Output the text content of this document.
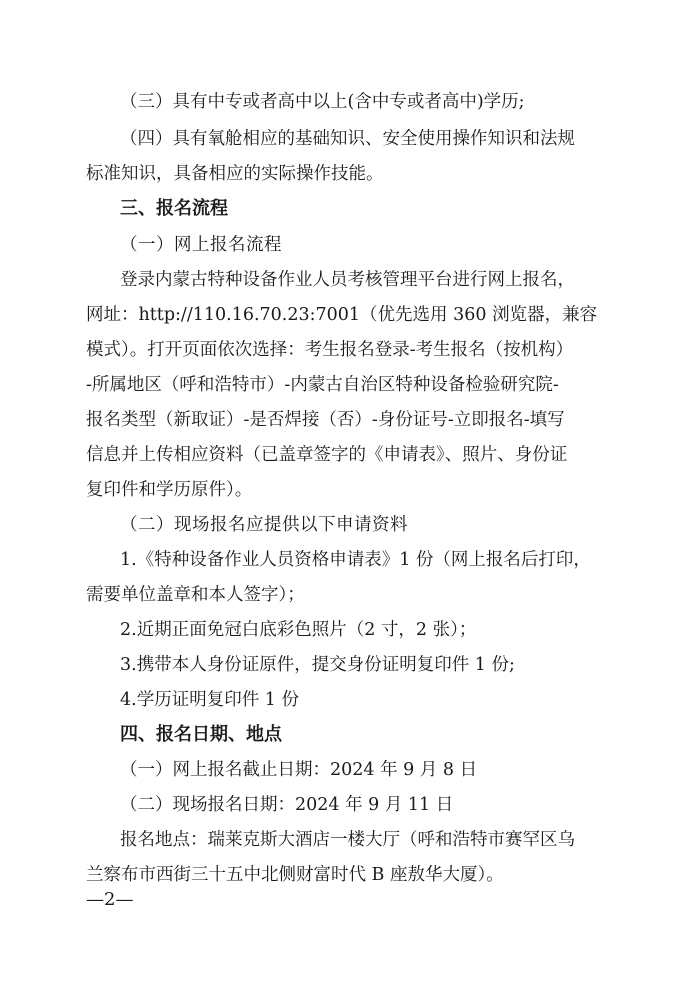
（三）具有中专或者高中以上(含中专或者高中)学历;

（四）具有氧舱相应的基础知识、安全使用操作知识和法规

标准知识，具备相应的实际操作技能。

三、报名流程

（一）网上报名流程

登录内蒙古特种设备作业人员考核管理平台进行网上报名，

网址：http://110.16.70.23:7001（优先选用 360 浏览器，兼容

模式）。打开页面依次选择：考生报名登录-考生报名（按机构）

-所属地区（呼和浩特市）-内蒙古自治区特种设备检验研究院-

报名类型（新取证）-是否焊接（否）-身份证号-立即报名-填写

信息并上传相应资料（已盖章签字的《申请表》、照片、身份证

复印件和学历原件）。

（二）现场报名应提供以下申请资料

1.《特种设备作业人员资格申请表》1 份（网上报名后打印，

需要单位盖章和本人签字）；

2.近期正面免冠白底彩色照片（2 寸，2 张）；

3.携带本人身份证原件，提交身份证明复印件 1 份;

4.学历证明复印件 1 份

四、报名日期、地点

（一）网上报名截止日期：2024 年 9 月 8 日

（二）现场报名日期：2024 年 9 月 11 日

报名地点：瑞莱克斯大酒店一楼大厅（呼和浩特市赛罕区乌

兰察布市西街三十五中北侧财富时代 B 座敖华大厦）。

—2—
